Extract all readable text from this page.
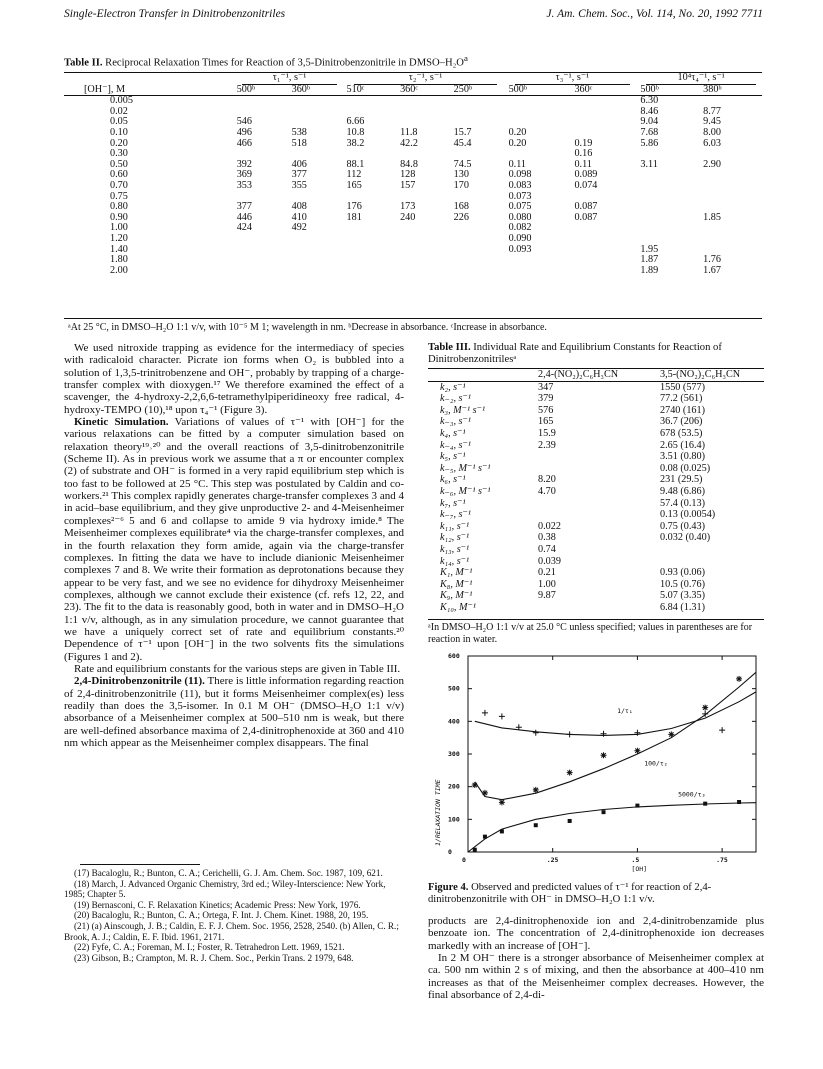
Single-Electron Transfer in Dinitrobenzonitriles	J. Am. Chem. Soc., Vol. 114, No. 20, 1992 7711
Table II. Reciprocal Relaxation Times for Reaction of 3,5-Dinitrobenzonitrile in DMSO–$H_2O^a$
	τ₁⁻¹, s⁻¹		τ₂⁻¹, s⁻¹			τ₃⁻¹, s⁻¹		10⁴τ₄⁻¹, s⁻¹	
[OH⁻], M	500ᵇ	360ᵇ	510ᶜ	360ᶜ	250ᵇ	500ᵇ	360ᶜ	500ᵇ	380ᵇ
0.005								6.30	
0.02								8.46	8.77
0.05	546		6.66					9.04	9.45
0.10	496	538	10.8	11.8	15.7	0.20		7.68	8.00
0.20	466	518	38.2	42.2	45.4	0.20	0.19	5.86	6.03
0.30							0.16		
0.50	392	406	88.1	84.8	74.5	0.11	0.11	3.11	2.90
0.60	369	377	112	128	130	0.098	0.089		
0.70	353	355	165	157	170	0.083	0.074		
0.75						0.073			
0.80	377	408	176	173	168	0.075	0.087		
0.90	446	410	181	240	226	0.080	0.087		1.85
1.00	424	492				0.082			
1.20						0.090			
1.40						0.093		1.95	
1.80								1.87	1.76
2.00								1.89	1.67
ᵃAt 25 °C, in DMSO–H₂O 1:1 v/v, with 10⁻⁵ M 1; wavelength in nm. ᵇDecrease in absorbance. ᶜIncrease in absorbance.

We used nitroxide trapping as evidence for the intermediacy of species with radicaloid character. Picrate ion forms when O₂ is bubbled into a solution of 1,3,5-trinitrobenzene and OH⁻, probably by trapping of a charge-transfer complex with dioxygen.¹⁷ We therefore examined the effect of a scavenger, the 4-hydroxy-2,2,6,6-tetramethylpiperidineoxy free radical, 4-hydroxy-TEMPO (10),¹⁸ upon τ₄⁻¹ (Figure 3).

Kinetic Simulation. Variations of values of τ⁻¹ with [OH⁻] for the various relaxations can be fitted by a computer simulation based on relaxation theory¹⁹˒²⁰ and the overall reactions of 3,5-dinitrobenzonitrile (Scheme II). As in previous work we assume that a π or encounter complex (2) of substrate and OH⁻ is formed in a very rapid equilibrium step which is too fast to be followed at 25 °C. This step was postulated by Caldin and co-workers.²¹ This complex rapidly generates charge-transfer complexes 3 and 4 in acid–base equilibrium, and they give unproductive 2- and 4-Meisenheimer complexes²⁻⁶ 5 and 6 and collapse to amide 9 via hydroxy imide.⁸ The Meisenheimer complexes equilibrate⁴ via the charge-transfer complexes, and in the fourth relaxation they form amide, again via the charge-transfer complexes. In fitting the data we have to include dianionic Meisenheimer complexes 7 and 8. We write their formation as deprotonations because they appear to be very fast, and we see no evidence for dihydroxy Meisenheimer complexes, although we cannot exclude their existence (cf. refs 12, 22, and 23). The fit to the data is reasonably good, both in water and in DMSO–H₂O 1:1 v/v, although, as in any simulation procedure, we cannot guarantee that we have a uniquely correct set of rate and equilibrium constants.²⁰ Dependence of τ⁻¹ upon [OH⁻] in the two solvents fits the simulations (Figures 1 and 2).

Rate and equilibrium constants for the various steps are given in Table III.

2,4-Dinitrobenzonitrile (11). There is little information regarding reaction of 2,4-dinitrobenzonitrile (11), but it forms Meisenheimer complex(es) less readily than does the 3,5-isomer. In 0.1 M OH⁻ (DMSO–H₂O 1:1 v/v) absorbance of a Meisenheimer complex at 500–510 nm is weak, but there are well-defined absorbance maxima of 2,4-dinitrophenoxide at 360 and 410 nm which appear as the Meisenheimer complex disappears. The final

(17) Bacaloglu, R.; Bunton, C. A.; Cerichelli, G. J. Am. Chem. Soc. 1987, 109, 621.
(18) March, J. Advanced Organic Chemistry, 3rd ed.; Wiley-Interscience: New York, 1985; Chapter 5.
(19) Bernasconi, C. F. Relaxation Kinetics; Academic Press: New York, 1976.
(20) Bacaloglu, R.; Bunton, C. A.; Ortega, F. Int. J. Chem. Kinet. 1988, 20, 195.
(21) (a) Ainscough, J. B.; Caldin, E. F. J. Chem. Soc. 1956, 2528, 2540. (b) Allen, C. R.; Brook, A. J.; Caldin, E. F. Ibid. 1961, 2171.
(22) Fyfe, C. A.; Foreman, M. I.; Foster, R. Tetrahedron Lett. 1969, 1521.
(23) Gibson, B.; Crampton, M. R. J. Chem. Soc., Perkin Trans. 2 1979, 648.
Table III. Individual Rate and Equilibrium Constants for Reaction of Dinitrobenzonitrilesᵃ
	2,4-(NO₂)₂C₆H₃CN	3,5-(NO₂)₂C₆H₃CN
k₂, s⁻¹	347	1550 (577)
k₋₂, s⁻¹	379	77.2 (561)
k₃, M⁻¹ s⁻¹	576	2740 (161)
k₋₃, s⁻¹	165	36.7 (206)
k₄, s⁻¹	15.9	678 (53.5)
k₋₄, s⁻¹	2.39	2.65 (16.4)
k₅, s⁻¹		3.51 (0.80)
k₋₅, M⁻¹ s⁻¹		0.08 (0.025)
k₆, s⁻¹	8.20	231 (29.5)
k₋₆, M⁻¹ s⁻¹	4.70	9.48 (6.86)
k₇, s⁻¹		57.4 (0.13)
k₋₇, s⁻¹		0.13 (0.0054)
k₁₁, s⁻¹	0.022	0.75 (0.43)
k₁₂, s⁻¹	0.38	0.032 (0.40)
k₁₃, s⁻¹	0.74	
k₁₄, s⁻¹	0.039	
K₁, M⁻¹	0.21	0.93 (0.06)
K₈, M⁻¹	1.00	10.5 (0.76)
K₉, M⁻¹	9.87	5.07 (3.35)
K₁₀, M⁻¹		6.84 (1.31)
ᵃIn DMSO–H₂O 1:1 v/v at 25.0 °C unless specified; values in parentheses are for reaction in water.
0
100
200
300
400
500
600
0	.25	.5	.75
1/RELAXATION TIME
[OH]
1/τ₁
100/τ₂
5000/τ₃
Figure 4. Observed and predicted values of τ⁻¹ for reaction of 2,4-dinitrobenzonitrile with OH⁻ in DMSO–H₂O 1:1 v/v.

products are 2,4-dinitrophenoxide ion and 2,4-dinitrobenzamide plus benzoate ion. The concentration of 2,4-dinitrophenoxide ion decreases markedly with an increase of [OH⁻].

In 2 M OH⁻ there is a stronger absorbance of Meisenheimer complex at ca. 500 nm within 2 s of mixing, and then the absorbance at 400–410 nm increases as that of the Meisenheimer complex decreases. However, the final absorbance of 2,4-di-
